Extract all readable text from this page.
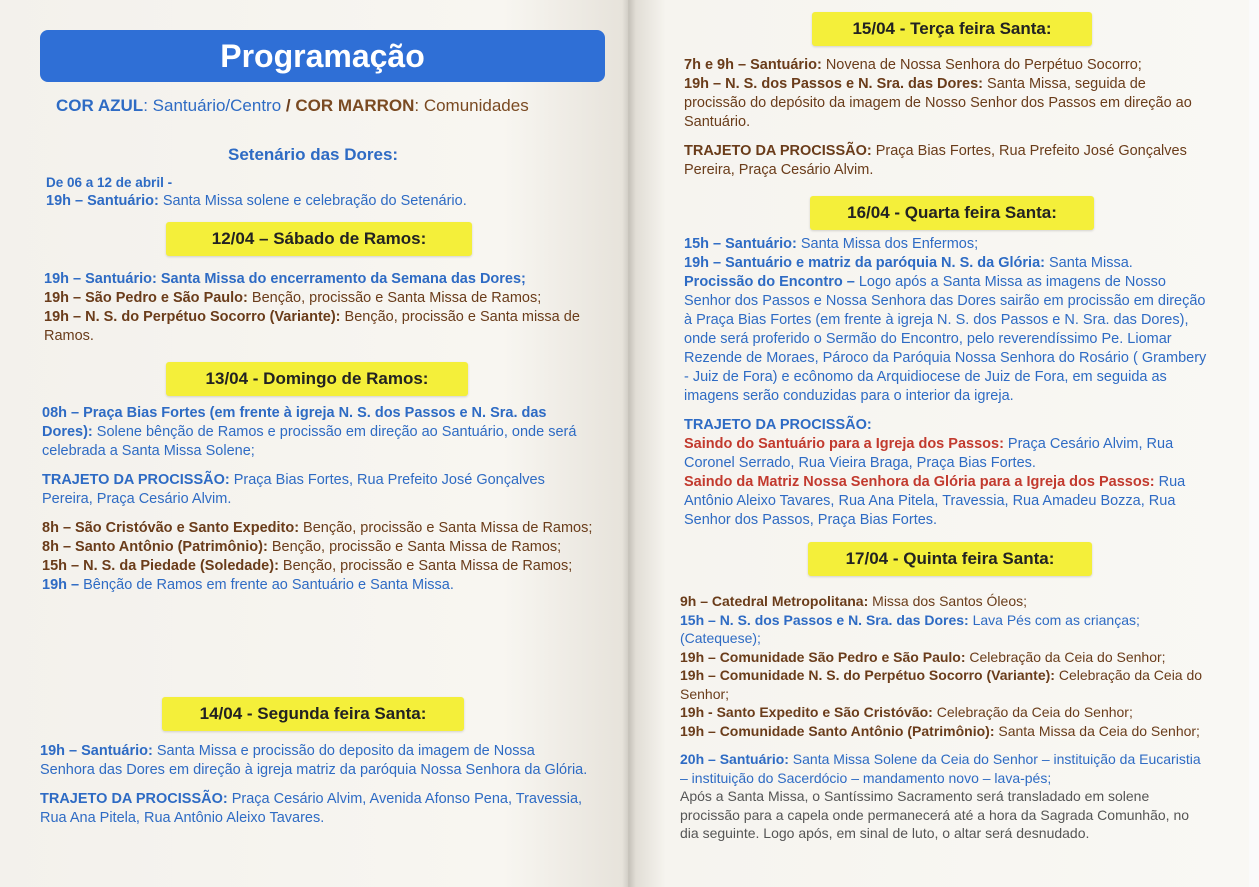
Programação
COR AZUL: Santuário/Centro / COR MARRON: Comunidades
Setenário das Dores:
De 06 a 12 de abril -
19h – Santuário: Santa Missa solene e celebração do Setenário.
12/04 – Sábado de Ramos:
19h – Santuário: Santa Missa do encerramento da Semana das Dores;
19h – São Pedro e São Paulo: Benção, procissão e Santa Missa de Ramos;
19h – N. S. do Perpétuo Socorro (Variante): Benção, procissão e Santa missa de Ramos.
13/04 - Domingo de Ramos:
08h – Praça Bias Fortes (em frente à igreja N. S. dos Passos e N. Sra. das Dores): Solene bênção de Ramos e procissão em direção ao Santuário, onde será celebrada a Santa Missa Solene;
TRAJETO DA PROCISSÃO: Praça Bias Fortes, Rua Prefeito José Gonçalves Pereira, Praça Cesário Alvim.
8h – São Cristóvão e Santo Expedito: Benção, procissão e Santa Missa de Ramos;
8h – Santo Antônio (Patrimônio): Benção, procissão e Santa Missa de Ramos;
15h – N. S. da Piedade (Soledade): Benção, procissão e Santa Missa de Ramos;
19h – Bênção de Ramos em frente ao Santuário e Santa Missa.
14/04 - Segunda feira Santa:
19h – Santuário: Santa Missa e procissão do deposito da imagem de Nossa Senhora das Dores em direção à igreja matriz da paróquia Nossa Senhora da Glória.
TRAJETO DA PROCISSÃO: Praça Cesário Alvim, Avenida Afonso Pena, Travessia, Rua Ana Pitela, Rua Antônio Aleixo Tavares.
15/04 - Terça feira Santa:
7h e 9h – Santuário: Novena de Nossa Senhora do Perpétuo Socorro;
19h – N. S. dos Passos e N. Sra. das Dores: Santa Missa, seguida de procissão do depósito da imagem de Nosso Senhor dos Passos em direção ao Santuário.
TRAJETO DA PROCISSÃO: Praça Bias Fortes, Rua Prefeito José Gonçalves Pereira, Praça Cesário Alvim.
16/04 - Quarta feira Santa:
15h – Santuário: Santa Missa dos Enfermos;
19h – Santuário e matriz da paróquia N. S. da Glória: Santa Missa.
Procissão do Encontro – Logo após a Santa Missa as imagens de Nosso Senhor dos Passos e Nossa Senhora das Dores sairão em procissão em direção à Praça Bias Fortes (em frente à igreja N. S. dos Passos e N. Sra. das Dores), onde será proferido o Sermão do Encontro, pelo reverendíssimo Pe. Liomar Rezende de Moraes, Pároco da Paróquia Nossa Senhora do Rosário ( Grambery - Juiz de Fora) e ecônomo da Arquidiocese de Juiz de Fora, em seguida as imagens serão conduzidas para o interior da igreja.
TRAJETO DA PROCISSÃO:
Saindo do Santuário para a Igreja dos Passos: Praça Cesário Alvim, Rua Coronel Serrado, Rua Vieira Braga, Praça Bias Fortes.
Saindo da Matriz Nossa Senhora da Glória para a Igreja dos Passos: Rua Antônio Aleixo Tavares, Rua Ana Pitela, Travessia, Rua Amadeu Bozza, Rua Senhor dos Passos, Praça Bias Fortes.
17/04 - Quinta feira Santa:
9h – Catedral Metropolitana: Missa dos Santos Óleos;
15h – N. S. dos Passos e N. Sra. das Dores: Lava Pés com as crianças; (Catequese);
19h – Comunidade São Pedro e São Paulo: Celebração da Ceia do Senhor;
19h – Comunidade N. S. do Perpétuo Socorro (Variante): Celebração da Ceia do Senhor;
19h - Santo Expedito e São Cristóvão: Celebração da Ceia do Senhor;
19h – Comunidade Santo Antônio (Patrimônio): Santa Missa da Ceia do Senhor;
20h – Santuário: Santa Missa Solene da Ceia do Senhor – instituição da Eucaristia – instituição do Sacerdócio – mandamento novo – lava-pés;
Após a Santa Missa, o Santíssimo Sacramento será transladado em solene procissão para a capela onde permanecerá até a hora da Sagrada Comunhão, no dia seguinte. Logo após, em sinal de luto, o altar será desnudado.
